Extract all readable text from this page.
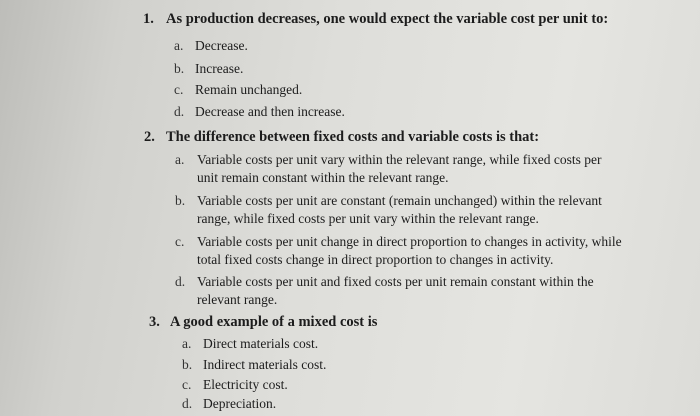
1. As production decreases, one would expect the variable cost per unit to:
a. Decrease.
b. Increase.
c. Remain unchanged.
d. Decrease and then increase.
2. The difference between fixed costs and variable costs is that:
a. Variable costs per unit vary within the relevant range, while fixed costs per unit remain constant within the relevant range.
b. Variable costs per unit are constant (remain unchanged) within the relevant range, while fixed costs per unit vary within the relevant range.
c. Variable costs per unit change in direct proportion to changes in activity, while total fixed costs change in direct proportion to changes in activity.
d. Variable costs per unit and fixed costs per unit remain constant within the relevant range.
3. A good example of a mixed cost is
a. Direct materials cost.
b. Indirect materials cost.
c. Electricity cost.
d. Depreciation.
